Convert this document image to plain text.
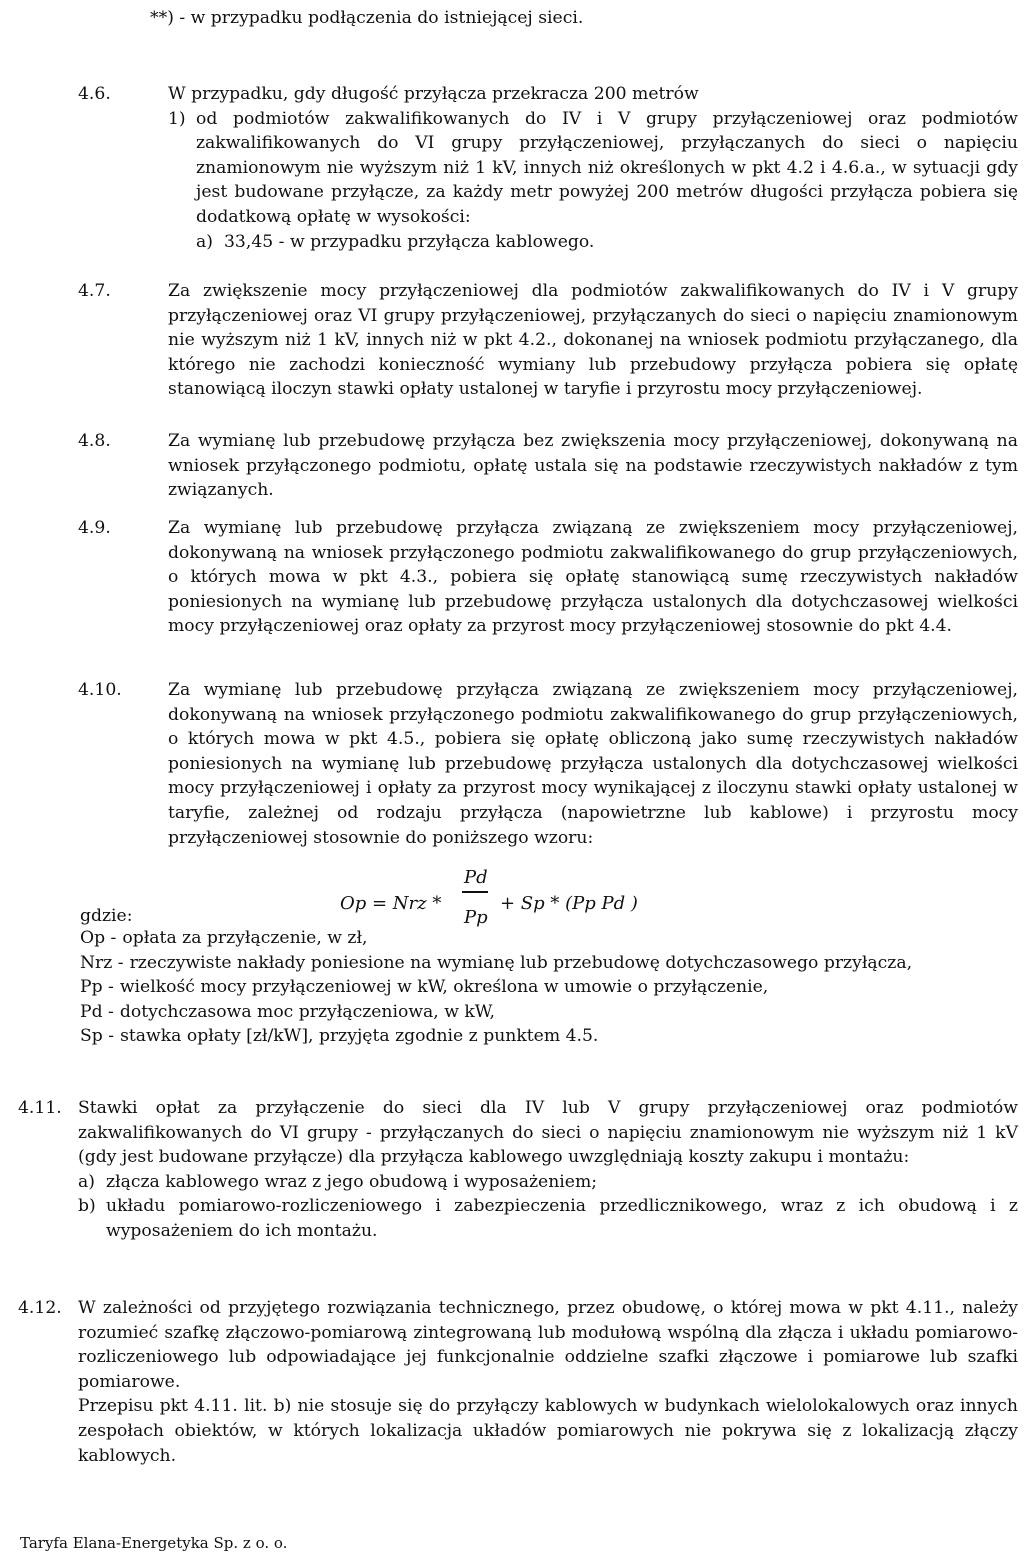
**) - w przypadku podłączenia do istniejącej sieci.
4.6.	W przypadku, gdy długość przyłącza przekracza 200 metrów
1) od podmiotów zakwalifikowanych do IV i V grupy przyłączeniowej oraz podmiotów zakwalifikowanych do VI grupy przyłączeniowej, przyłączanych do sieci o napięciu znamionowym nie wyższym niż 1 kV, innych niż określonych w pkt 4.2 i 4.6.a., w sytuacji gdy jest budowane przyłącze, za każdy metr powyżej 200 metrów długości przyłącza pobiera się dodatkową opłatę w wysokości:
a) 33,45 - w przypadku przyłącza kablowego.
4.7.	Za zwiększenie mocy przyłączeniowej dla podmiotów zakwalifikowanych do IV i V grupy przyłączeniowej oraz VI grupy przyłączeniowej, przyłączanych do sieci o napięciu znamionowym nie wyższym niż 1 kV, innych niż w pkt 4.2., dokonanej na wniosek podmiotu przyłączanego, dla którego nie zachodzi konieczność wymiany lub przebudowy przyłącza pobiera się opłatę stanowiącą iloczyn stawki opłaty ustalonej w taryfie i przyrostu mocy przyłączeniowej.
4.8.	Za wymianę lub przebudowę przyłącza bez zwiększenia mocy przyłączeniowej, dokonywaną na wniosek przyłączonego podmiotu, opłatę ustala się na podstawie rzeczywistych nakładów z tym związanych.
4.9.	Za wymianę lub przebudowę przyłącza związaną ze zwiększeniem mocy przyłączeniowej, dokonywaną na wniosek przyłączonego podmiotu zakwalifikowanego do grup przyłączeniowych, o których mowa w pkt 4.3., pobiera się opłatę stanowiącą sumę rzeczywistych nakładów poniesionych na wymianę lub przebudowę przyłącza ustalonych dla dotychczasowej wielkości mocy przyłączeniowej oraz opłaty za przyrost mocy przyłączeniowej stosownie do pkt 4.4.
4.10.	Za wymianę lub przebudowę przyłącza związaną ze zwiększeniem mocy przyłączeniowej, dokonywaną na wniosek przyłączonego podmiotu zakwalifikowanego do grup przyłączeniowych, o których mowa w pkt 4.5., pobiera się opłatę obliczoną jako sumę rzeczywistych nakładów poniesionych na wymianę lub przebudowę przyłącza ustalonych dla dotychczasowej wielkości mocy przyłączeniowej i opłaty za przyrost mocy wynikającej z iloczynu stawki opłaty ustalonej w taryfie, zależnej od rodzaju przyłącza (napowietrzne lub kablowe) i przyrostu mocy przyłączeniowej stosownie do poniższego wzoru:
Op = Nrz *
Pd
Pp
+ Sp * (Pp Pd )
gdzie:
Op - opłata za przyłączenie, w zł,
Nrz - rzeczywiste nakłady poniesione na wymianę lub przebudowę dotychczasowego przyłącza,
Pp - wielkość mocy przyłączeniowej w kW, określona w umowie o przyłączenie,
Pd - dotychczasowa moc przyłączeniowa, w kW,
Sp - stawka opłaty [zł/kW], przyjęta zgodnie z punktem 4.5.
4.11. Stawki opłat za przyłączenie do sieci dla IV lub V grupy przyłączeniowej oraz podmiotów zakwalifikowanych do VI grupy - przyłączanych do sieci o napięciu znamionowym nie wyższym niż 1 kV (gdy jest budowane przyłącze) dla przyłącza kablowego uwzględniają koszty zakupu i montażu:
a) złącza kablowego wraz z jego obudową i wyposażeniem;
b) układu pomiarowo-rozliczeniowego i zabezpieczenia przedlicznikowego, wraz z ich obudową i z wyposażeniem do ich montażu.
4.12. W zależności od przyjętego rozwiązania technicznego, przez obudowę, o której mowa w pkt 4.11., należy rozumieć szafkę złączowo-pomiarową zintegrowaną lub modułową wspólną dla złącza i układu pomiarowo-rozliczeniowego lub odpowiadające jej funkcjonalnie oddzielne szafki złączowe i pomiarowe lub szafki pomiarowe.
Przepisu pkt 4.11. lit. b) nie stosuje się do przyłączy kablowych w budynkach wielolokalowych oraz innych zespołach obiektów, w których lokalizacja układów pomiarowych nie pokrywa się z lokalizacją złączy kablowych.
Taryfa Elana-Energetyka Sp. z o. o.
